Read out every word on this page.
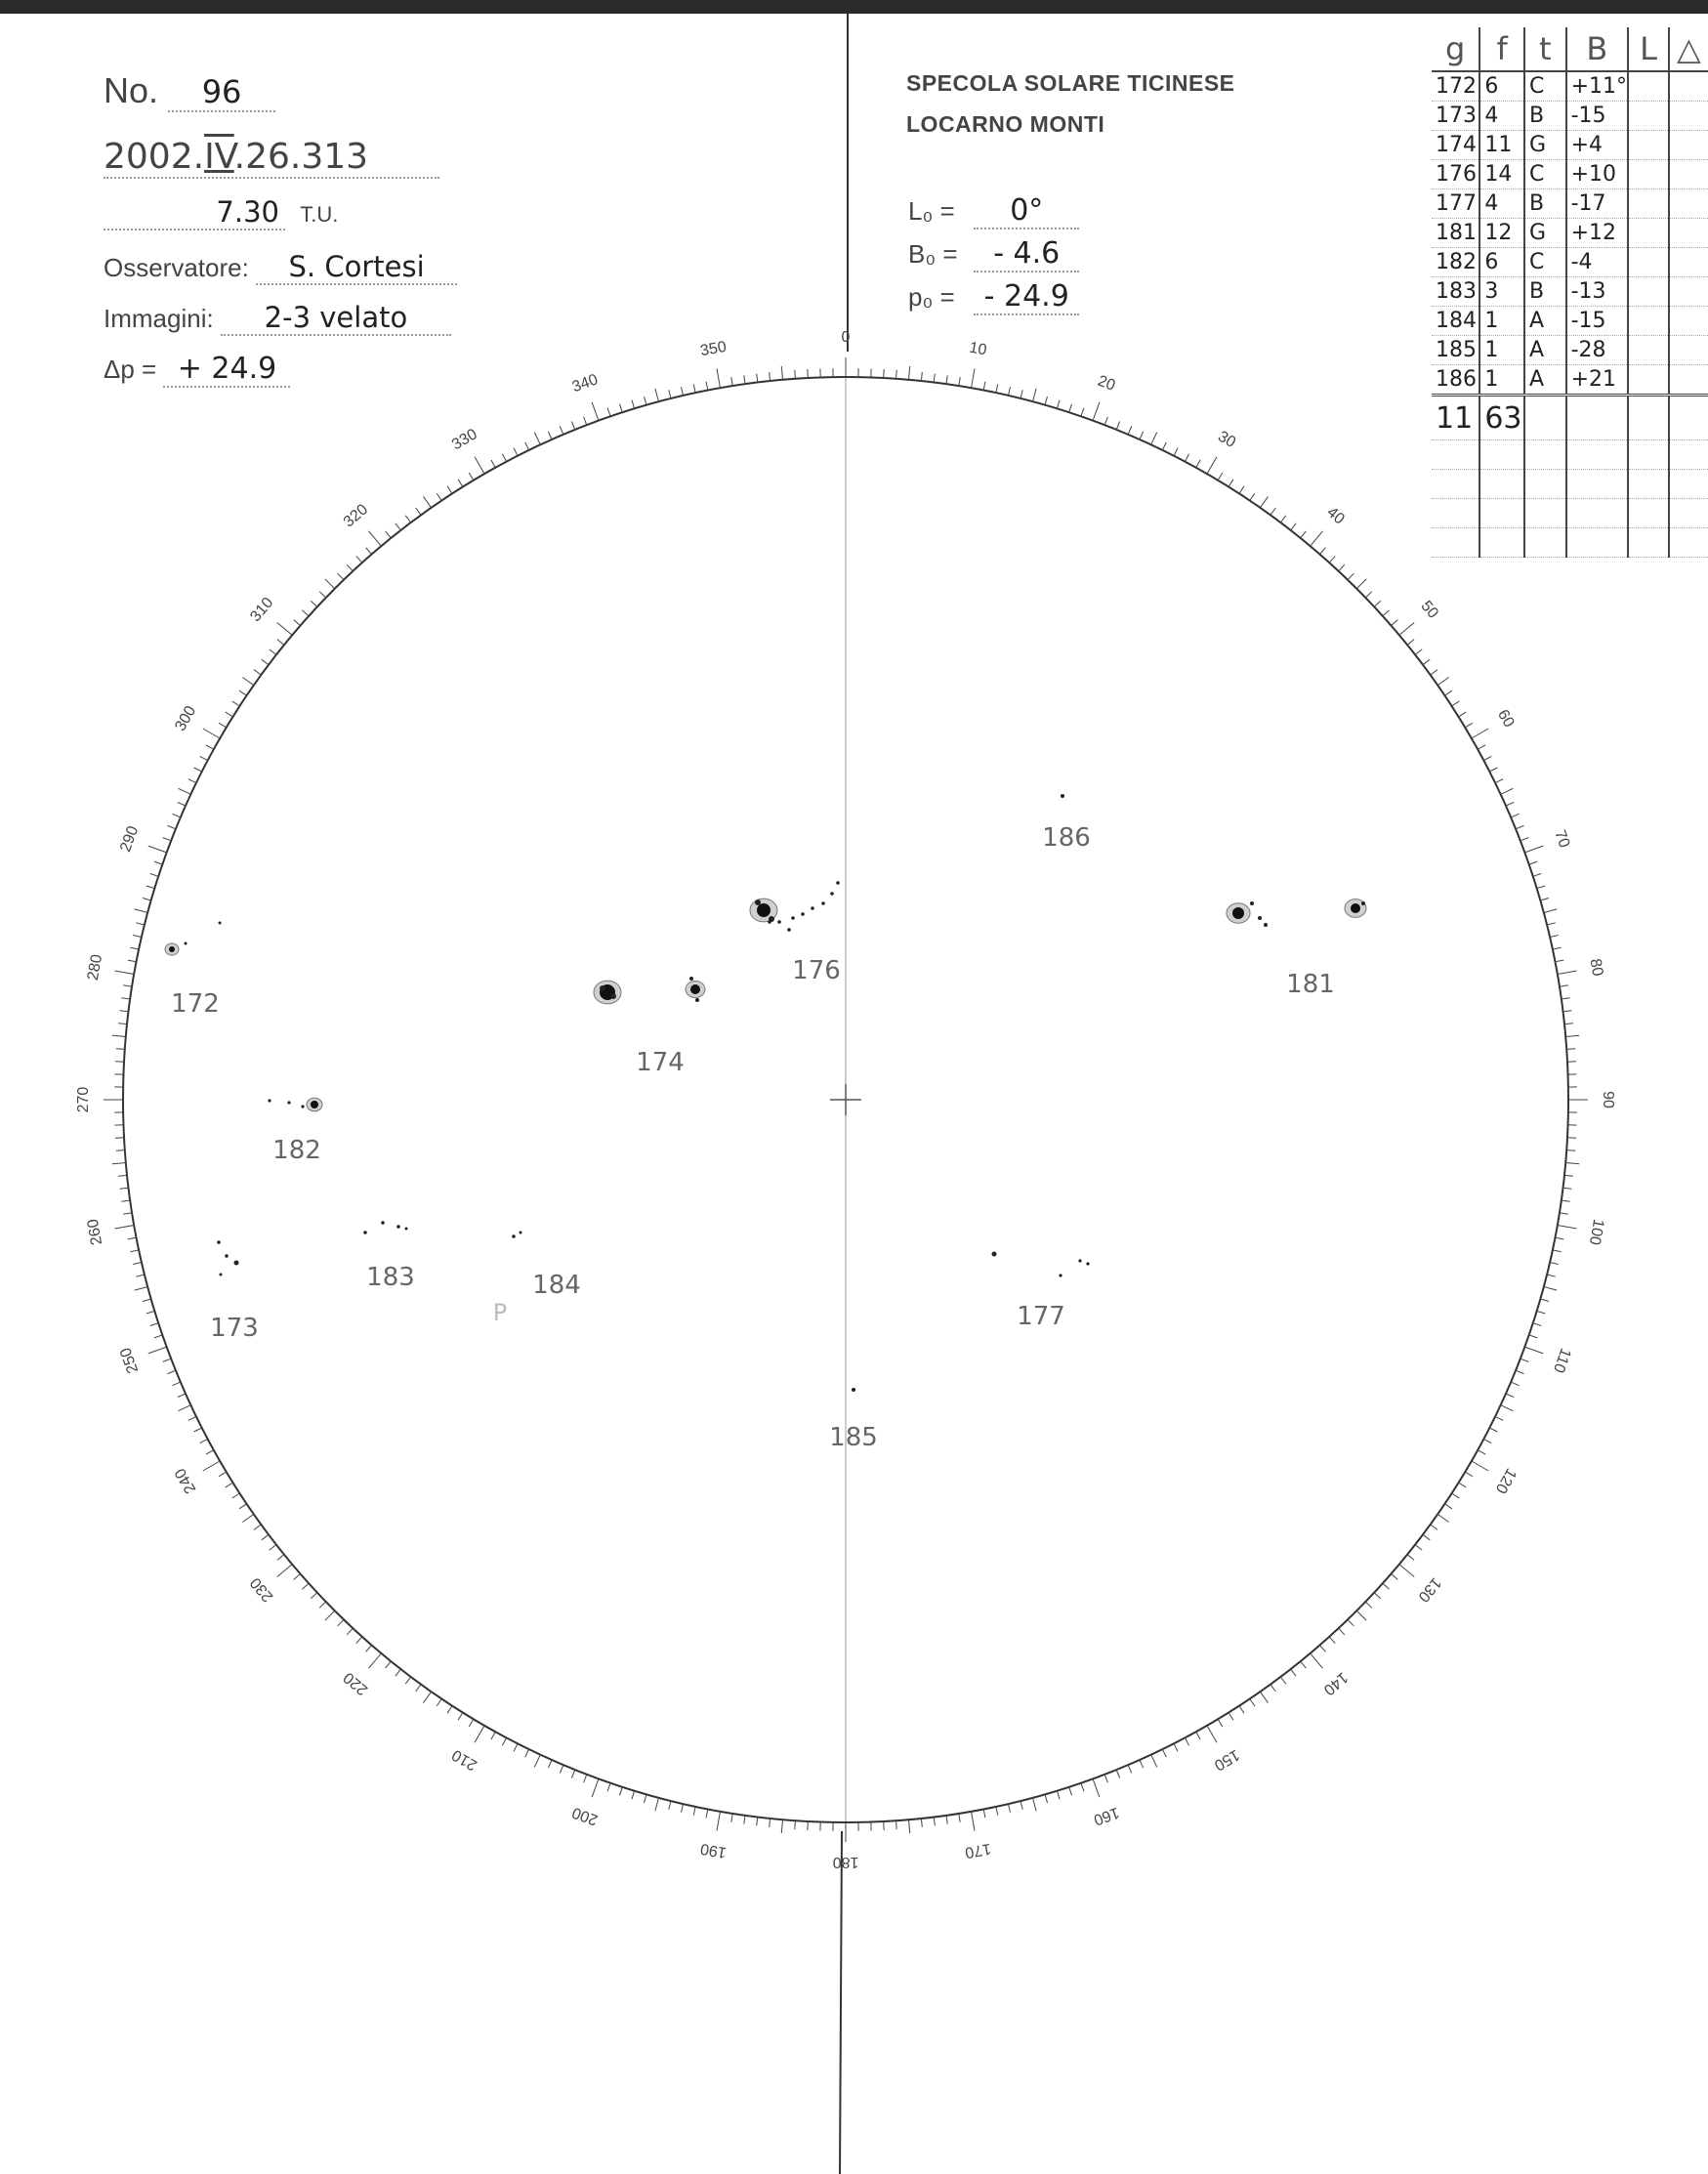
No. 96
2002.IV.26.313
7.30 T.U.
Osservatore: S. Cortesi
Immagini: 2-3 velato
Δp = + 24.9
SPECOLA SOLARE TICINESE
LOCARNO MONTI
L₀ = 0°
B₀ = - 4.6
p₀ = - 24.9
g	f	t	B	L	△
172	6	C	+11°		
173	4	B	-15		
174	11	G	+4		
176	14	C	+10		
177	4	B	-17		
181	12	G	+12		
182	6	C	-4		
183	3	B	-13		
184	1	A	-15		
185	1	A	-28		
186	1	A	+21		
11	63				

0
10
20
30
40
50
60
70
80
90
100
110
120
130
140
150
160
170
180
190
200
210
220
230
240
250
260
270
280
290
300
310
320
330
340
350
172
173
174
176
177
181
182
183	184
185
186
P
